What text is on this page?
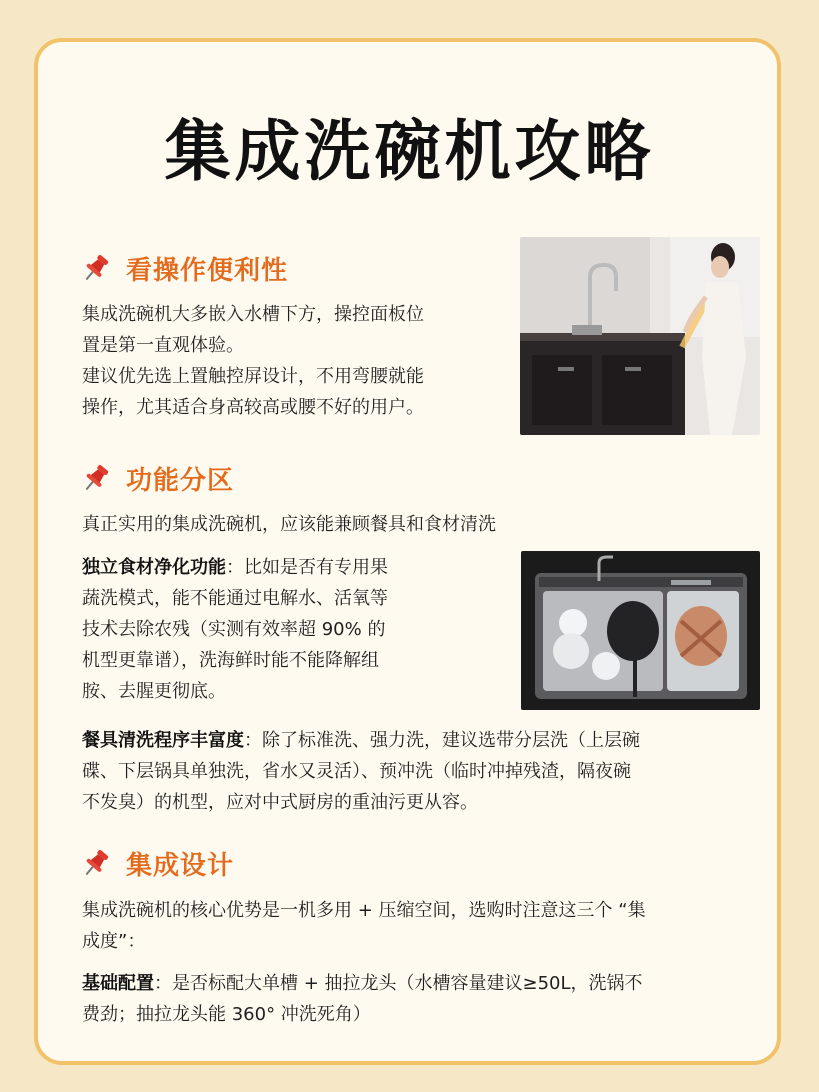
集成洗碗机攻略
看操作便利性
集成洗碗机大多嵌入水槽下方，操控面板位
置是第一直观体验。
建议优先选上置触控屏设计，不用弯腰就能
操作，尤其适合身高较高或腰不好的用户。
功能分区
真正实用的集成洗碗机，应该能兼顾餐具和食材清洗
独立食材净化功能：比如是否有专用果
蔬洗模式，能不能通过电解水、活氧等
技术去除农残（实测有效率超 90% 的
机型更靠谱），洗海鲜时能不能降解组
胺、去腥更彻底。
餐具清洗程序丰富度：除了标准洗、强力洗，建议选带分层洗（上层碗
碟、下层锅具单独洗，省水又灵活）、预冲洗（临时冲掉残渣，隔夜碗
不发臭）的机型，应对中式厨房的重油污更从容。
集成设计
集成洗碗机的核心优势是一机多用 + 压缩空间，选购时注意这三个 “集
成度”：
基础配置：是否标配大单槽 + 抽拉龙头（水槽容量建议≥50L，洗锅不
费劲；抽拉龙头能 360° 冲洗死角）
